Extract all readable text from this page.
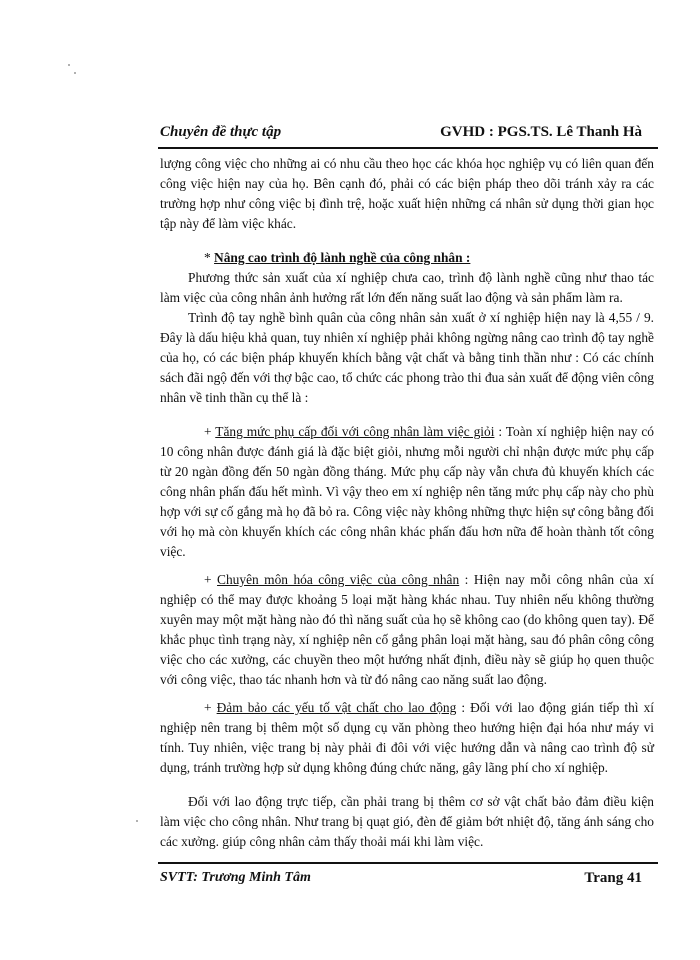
Chuyên đề thực tập	GVHD : PGS.TS. Lê Thanh Hà

lượng công việc cho những ai có nhu cầu theo học các khóa học nghiệp vụ có liên quan đến công việc hiện nay của họ. Bên cạnh đó, phải có các biện pháp theo dõi tránh xảy ra các trường hợp như công việc bị đình trệ, hoặc xuất hiện những cá nhân sử dụng thời gian học tập này để làm việc khác.

* Nâng cao trình độ lành nghề của công nhân :

Phương thức sản xuất của xí nghiệp chưa cao, trình độ lành nghề cũng như thao tác làm việc của công nhân ảnh hưởng rất lớn đến năng suất lao động và sản phẩm làm ra.

Trình độ tay nghề bình quân của công nhân sản xuất ở xí nghiệp hiện nay là 4,55 / 9. Đây là dấu hiệu khả quan, tuy nhiên xí nghiệp phải không ngừng nâng cao trình độ tay nghề của họ, có các biện pháp khuyến khích bằng vật chất và bằng tinh thần như : Có các chính sách đãi ngộ đến với thợ bậc cao, tổ chức các phong trào thi đua sản xuất để động viên công nhân về tinh thần cụ thể là :

+ Tăng mức phụ cấp đối với công nhân làm việc giỏi : Toàn xí nghiệp hiện nay có 10 công nhân được đánh giá là đặc biệt giỏi, nhưng mỗi người chỉ nhận được mức phụ cấp từ 20 ngàn đồng đến 50 ngàn đồng tháng. Mức phụ cấp này vẫn chưa đủ khuyến khích các công nhân phấn đấu hết mình. Vì vậy theo em xí nghiệp nên tăng mức phụ cấp này cho phù hợp với sự cố gắng mà họ đã bỏ ra. Công việc này không những thực hiện sự công bằng đối với họ mà còn khuyến khích các công nhân khác phấn đấu hơn nữa để hoàn thành tốt công việc.

+ Chuyên môn hóa công việc của công nhân : Hiện nay mỗi công nhân của xí nghiệp có thể may được khoảng 5 loại mặt hàng khác nhau. Tuy nhiên nếu không thường xuyên may một mặt hàng nào đó thì năng suất của họ sẽ không cao (do không quen tay). Để khắc phục tình trạng này, xí nghiệp nên cố gắng phân loại mặt hàng, sau đó phân công công việc cho các xưởng, các chuyền theo một hướng nhất định, điều này sẽ giúp họ quen thuộc với công việc, thao tác nhanh hơn và từ đó nâng cao năng suất lao động.

+ Đảm bảo các yếu tố vật chất cho lao động : Đối với lao động gián tiếp thì xí nghiệp nên trang bị thêm một số dụng cụ văn phòng theo hướng hiện đại hóa như máy vi tính. Tuy nhiên, việc trang bị này phải đi đôi với việc hướng dẫn và nâng cao trình độ sử dụng, tránh trường hợp sử dụng không đúng chức năng, gây lãng phí cho xí nghiệp.

Đối với lao động trực tiếp, cần phải trang bị thêm cơ sở vật chất bảo đảm điều kiện làm việc cho công nhân. Như trang bị quạt gió, đèn để giảm bớt nhiệt độ, tăng ánh sáng cho các xưởng. giúp công nhân cảm thấy thoải mái khi làm việc.

SVTT: Trương Minh Tâm	Trang 41
